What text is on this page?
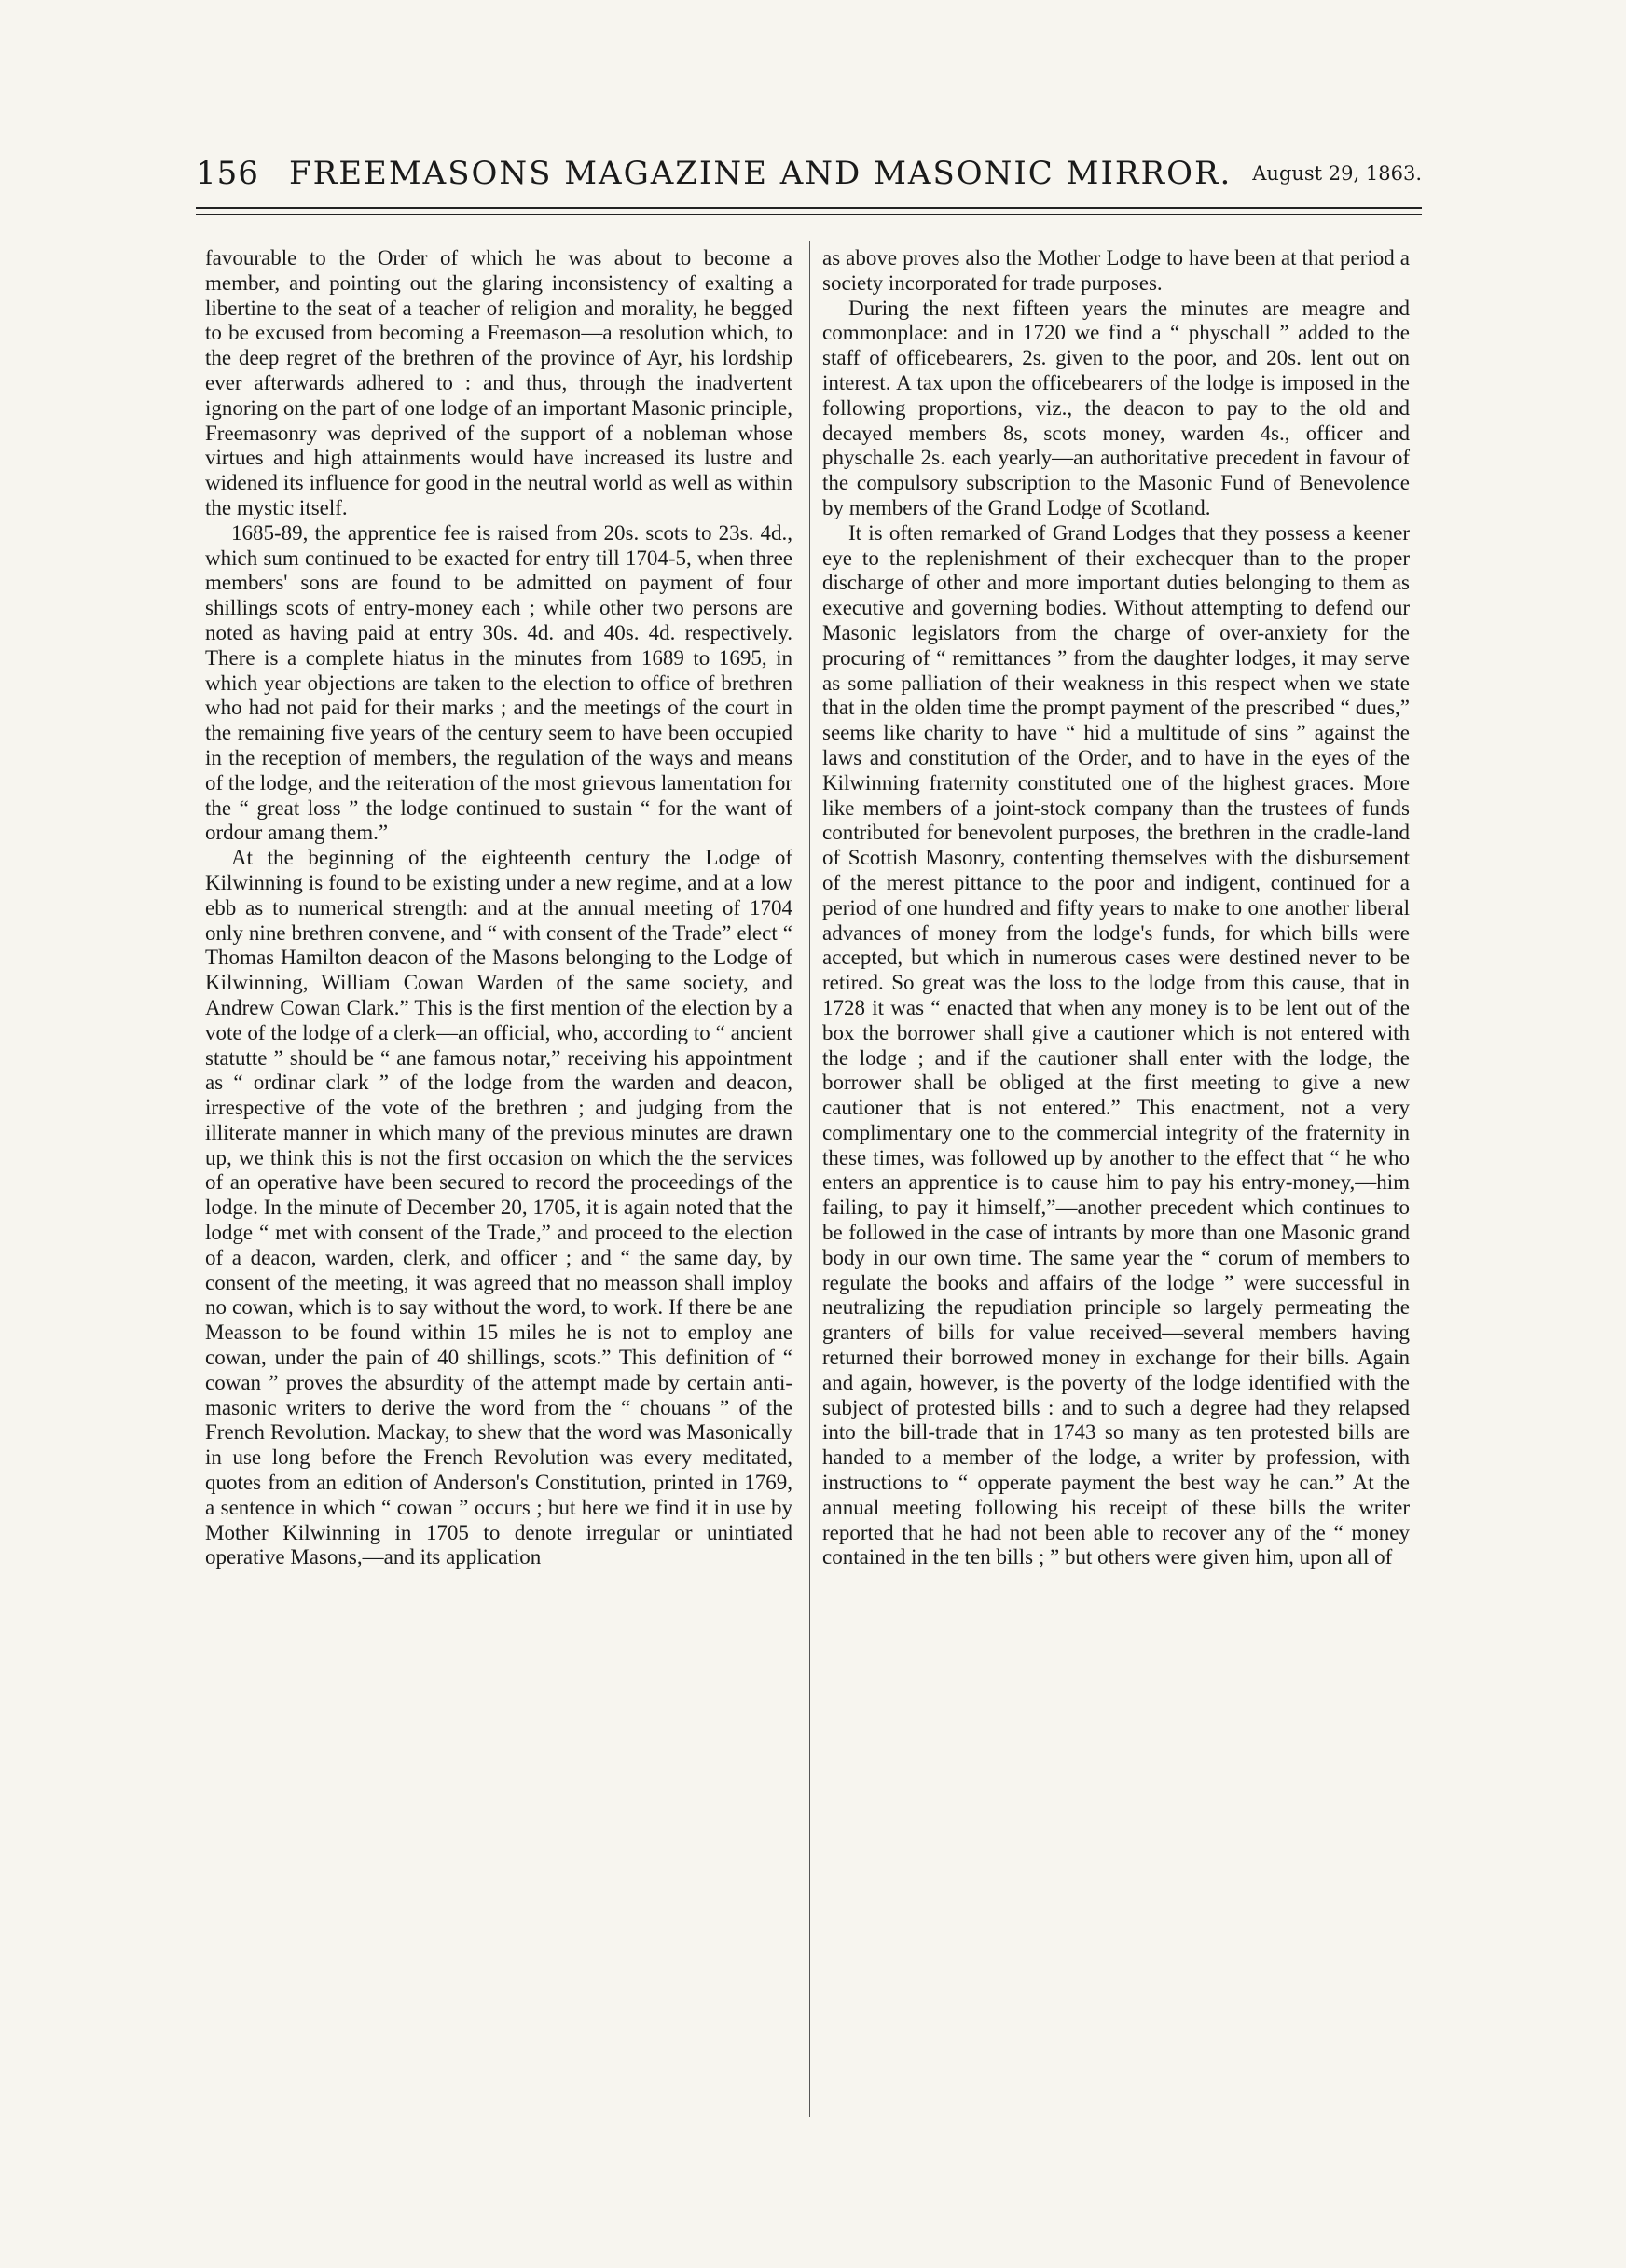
156 FREEMASONS MAGAZINE AND MASONIC MIRROR. August 29, 1863.

favourable to the Order of which he was about to become a member, and pointing out the glaring inconsistency of exalting a libertine to the seat of a teacher of religion and morality, he begged to be excused from becoming a Freemason—a resolution which, to the deep regret of the brethren of the province of Ayr, his lordship ever afterwards adhered to : and thus, through the inadvertent ignoring on the part of one lodge of an important Masonic principle, Freemasonry was deprived of the support of a nobleman whose virtues and high attainments would have increased its lustre and widened its influence for good in the neutral world as well as within the mystic itself.

1685-89, the apprentice fee is raised from 20s. scots to 23s. 4d., which sum continued to be exacted for entry till 1704-5, when three members' sons are found to be admitted on payment of four shillings scots of entry-money each ; while other two persons are noted as having paid at entry 30s. 4d. and 40s. 4d. respectively. There is a complete hiatus in the minutes from 1689 to 1695, in which year objections are taken to the election to office of brethren who had not paid for their marks ; and the meetings of the court in the remaining five years of the century seem to have been occupied in the reception of members, the regulation of the ways and means of the lodge, and the reiteration of the most grievous lamentation for the “ great loss ” the lodge continued to sustain “ for the want of ordour amang them.”

At the beginning of the eighteenth century the Lodge of Kilwinning is found to be existing under a new regime, and at a low ebb as to numerical strength: and at the annual meeting of 1704 only nine brethren convene, and “ with consent of the Trade” elect “ Thomas Hamilton deacon of the Masons belonging to the Lodge of Kilwinning, William Cowan Warden of the same society, and Andrew Cowan Clark.” This is the first mention of the election by a vote of the lodge of a clerk—an official, who, according to “ ancient statutte ” should be “ ane famous notar,” receiving his appointment as “ ordinar clark ” of the lodge from the warden and deacon, irrespective of the vote of the brethren ; and judging from the illiterate manner in which many of the previous minutes are drawn up, we think this is not the first occasion on which the the services of an operative have been secured to record the proceedings of the lodge. In the minute of December 20, 1705, it is again noted that the lodge “ met with consent of the Trade,” and proceed to the election of a deacon, warden, clerk, and officer ; and “ the same day, by consent of the meeting, it was agreed that no measson shall imploy no cowan, which is to say without the word, to work. If there be ane Measson to be found within 15 miles he is not to employ ane cowan, under the pain of 40 shillings, scots.” This definition of “ cowan ” proves the absurdity of the attempt made by certain anti-masonic writers to derive the word from the “ chouans ” of the French Revolution. Mackay, to shew that the word was Masonically in use long before the French Revolution was every meditated, quotes from an edition of Anderson's Constitution, printed in 1769, a sentence in which “ cowan ” occurs ; but here we find it in use by Mother Kilwinning in 1705 to denote irregular or unintiated operative Masons,—and its application

as above proves also the Mother Lodge to have been at that period a society incorporated for trade purposes.

During the next fifteen years the minutes are meagre and commonplace: and in 1720 we find a “ physchall ” added to the staff of officebearers, 2s. given to the poor, and 20s. lent out on interest. A tax upon the officebearers of the lodge is imposed in the following proportions, viz., the deacon to pay to the old and decayed members 8s, scots money, warden 4s., officer and physchalle 2s. each yearly—an authoritative precedent in favour of the compulsory subscription to the Masonic Fund of Benevolence by members of the Grand Lodge of Scotland.

It is often remarked of Grand Lodges that they possess a keener eye to the replenishment of their exchecquer than to the proper discharge of other and more important duties belonging to them as executive and governing bodies. Without attempting to defend our Masonic legislators from the charge of over-anxiety for the procuring of “ remittances ” from the daughter lodges, it may serve as some palliation of their weakness in this respect when we state that in the olden time the prompt payment of the prescribed “ dues,” seems like charity to have “ hid a multitude of sins ” against the laws and constitution of the Order, and to have in the eyes of the Kilwinning fraternity constituted one of the highest graces. More like members of a joint-stock company than the trustees of funds contributed for benevolent purposes, the brethren in the cradle-land of Scottish Masonry, contenting themselves with the disbursement of the merest pittance to the poor and indigent, continued for a period of one hundred and fifty years to make to one another liberal advances of money from the lodge's funds, for which bills were accepted, but which in numerous cases were destined never to be retired. So great was the loss to the lodge from this cause, that in 1728 it was “ enacted that when any money is to be lent out of the box the borrower shall give a cautioner which is not entered with the lodge ; and if the cautioner shall enter with the lodge, the borrower shall be obliged at the first meeting to give a new cautioner that is not entered.” This enactment, not a very complimentary one to the commercial integrity of the fraternity in these times, was followed up by another to the effect that “ he who enters an apprentice is to cause him to pay his entry-money,—him failing, to pay it himself,”—another precedent which continues to be followed in the case of intrants by more than one Masonic grand body in our own time. The same year the “ corum of members to regulate the books and affairs of the lodge ” were successful in neutralizing the repudiation principle so largely permeating the granters of bills for value received—several members having returned their borrowed money in exchange for their bills. Again and again, however, is the poverty of the lodge identified with the subject of protested bills : and to such a degree had they relapsed into the bill-trade that in 1743 so many as ten protested bills are handed to a member of the lodge, a writer by profession, with instructions to “ opperate payment the best way he can.” At the annual meeting following his receipt of these bills the writer reported that he had not been able to recover any of the “ money contained in the ten bills ; ” but others were given him, upon all of
